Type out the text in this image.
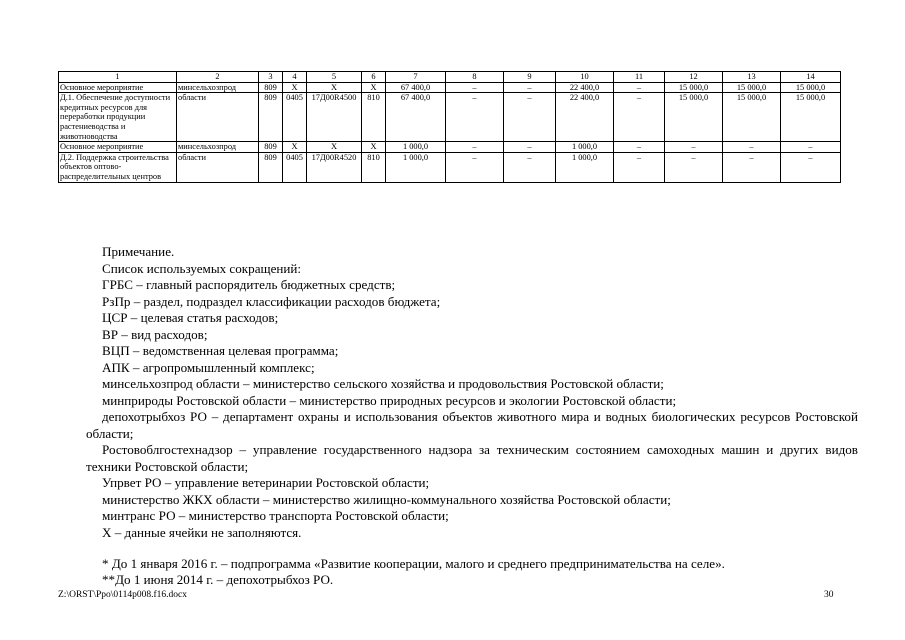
1	2	3	4	5	6	7	8	9	10	11	12	13	14
Основное мероприятие	минсельхозпрод	809	Х	Х	Х	67 400,0	–	–	22 400,0	–	15 000,0	15 000,0	15 000,0
Д.1. Обеспечение доступности кредитных ресурсов для переработки продукции растениеводства и животноводства	области	809	0405	17Д00R4500	810	67 400,0	–	–	22 400,0	–	15 000,0	15 000,0	15 000,0
Основное мероприятие	минсельхозпрод	809	Х	Х	Х	1 000,0	–	–	1 000,0	–	–	–	–
Д.2. Поддержка строительства объектов оптово-распределительных центров	области	809	0405	17Д00R4520	810	1 000,0	–	–	1 000,0	–	–	–	–

Примечание.

Список используемых сокращений:

ГРБС – главный распорядитель бюджетных средств;

РзПр – раздел, подраздел классификации расходов бюджета;

ЦСР – целевая статья расходов;

ВР – вид расходов;

ВЦП – ведомственная целевая программа;

АПК – агропромышленный комплекс;

минсельхозпрод области – министерство сельского хозяйства и продовольствия Ростовской области;

минприроды Ростовской области – министерство природных ресурсов и экологии Ростовской области;

депохотрыбхоз РО – департамент охраны и использования объектов животного мира и водных биологических ресурсов Ростовской области;

Ростовоблгостехнадзор – управление государственного надзора за техническим состоянием самоходных машин и других видов техники Ростовской области;

Упрвет РО – управление ветеринарии Ростовской области;

министерство ЖКХ области – министерство жилищно-коммунального хозяйства Ростовской области;

минтранс РО – министерство транспорта Ростовской области;

Х – данные ячейки не заполняются.

* До 1 января 2016 г. – подпрограмма «Развитие кооперации, малого и среднего предпринимательства на селе».

**До 1 июня 2014 г. – депохотрыбхоз РО.

Z:\ORST\Ppo\0114p008.f16.docx	30
